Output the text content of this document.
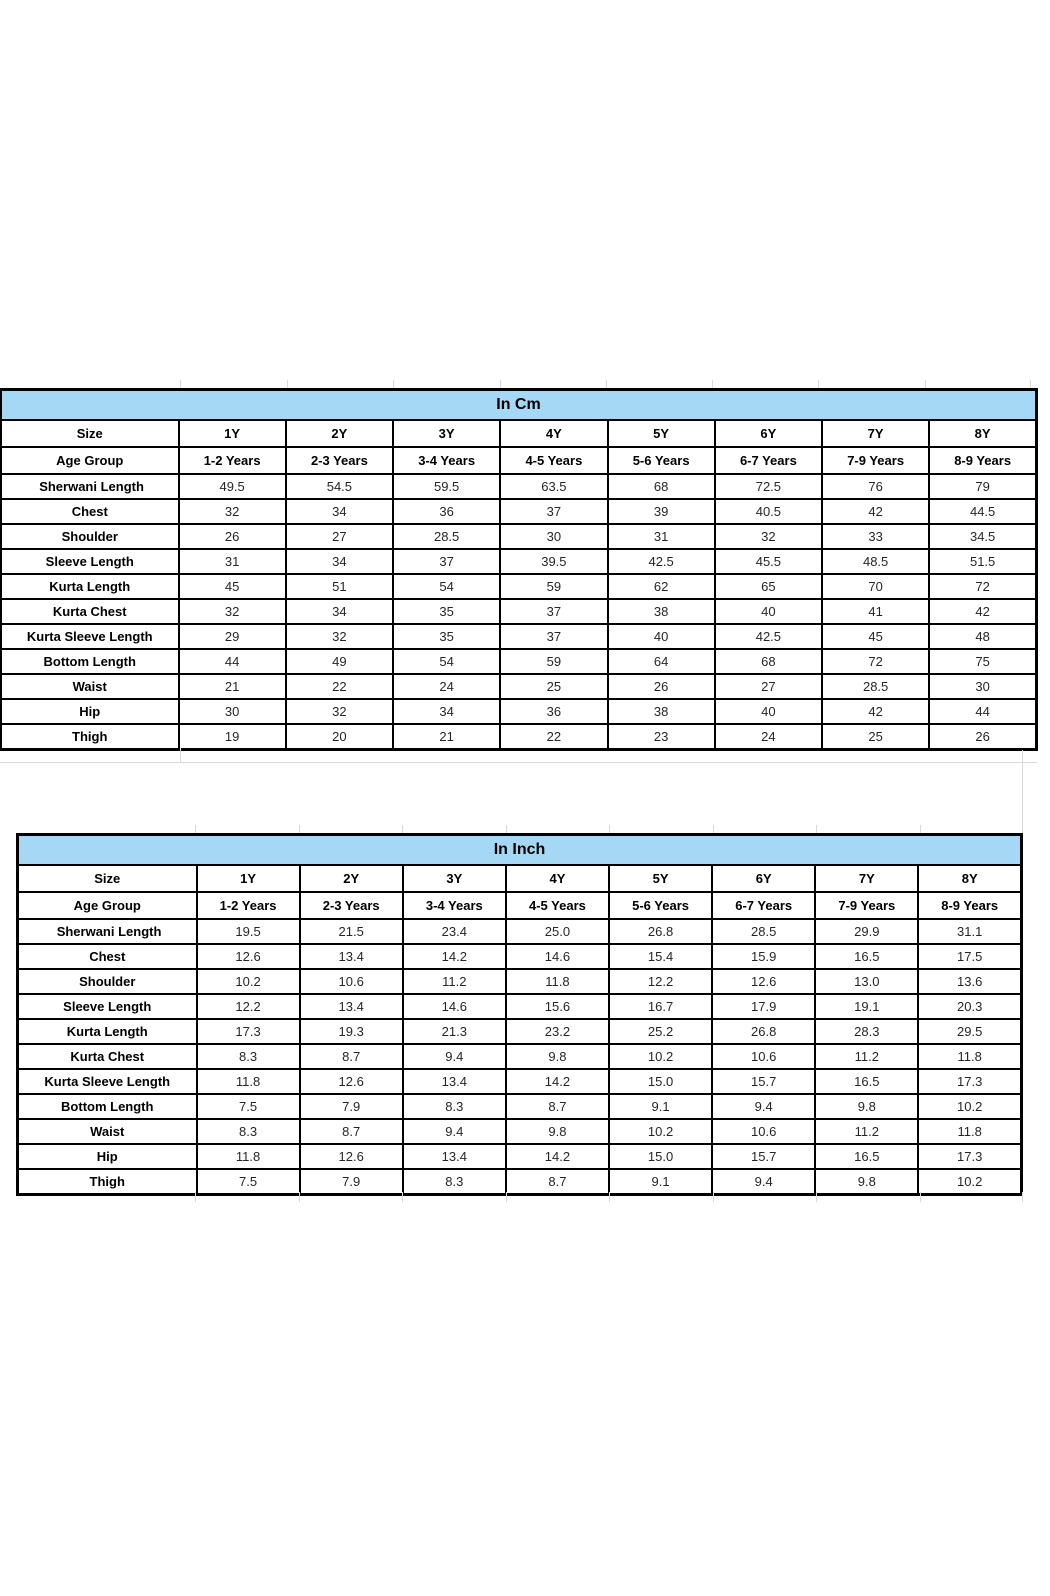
In Cm								
Size	1Y	2Y	3Y	4Y	5Y	6Y	7Y	8Y
Age Group	1-2 Years	2-3 Years	3-4 Years	4-5 Years	5-6 Years	6-7 Years	7-9 Years	8-9 Years
Sherwani Length	49.5	54.5	59.5	63.5	68	72.5	76	79
Chest	32	34	36	37	39	40.5	42	44.5
Shoulder	26	27	28.5	30	31	32	33	34.5
Sleeve Length	31	34	37	39.5	42.5	45.5	48.5	51.5
Kurta Length	45	51	54	59	62	65	70	72
Kurta Chest	32	34	35	37	38	40	41	42
Kurta Sleeve Length	29	32	35	37	40	42.5	45	48
Bottom Length	44	49	54	59	64	68	72	75
Waist	21	22	24	25	26	27	28.5	30
Hip	30	32	34	36	38	40	42	44
Thigh	19	20	21	22	23	24	25	26
In Inch								
Size	1Y	2Y	3Y	4Y	5Y	6Y	7Y	8Y
Age Group	1-2 Years	2-3 Years	3-4 Years	4-5 Years	5-6 Years	6-7 Years	7-9 Years	8-9 Years
Sherwani Length	19.5	21.5	23.4	25.0	26.8	28.5	29.9	31.1
Chest	12.6	13.4	14.2	14.6	15.4	15.9	16.5	17.5
Shoulder	10.2	10.6	11.2	11.8	12.2	12.6	13.0	13.6
Sleeve Length	12.2	13.4	14.6	15.6	16.7	17.9	19.1	20.3
Kurta Length	17.3	19.3	21.3	23.2	25.2	26.8	28.3	29.5
Kurta Chest	8.3	8.7	9.4	9.8	10.2	10.6	11.2	11.8
Kurta Sleeve Length	11.8	12.6	13.4	14.2	15.0	15.7	16.5	17.3
Bottom Length	7.5	7.9	8.3	8.7	9.1	9.4	9.8	10.2
Waist	8.3	8.7	9.4	9.8	10.2	10.6	11.2	11.8
Hip	11.8	12.6	13.4	14.2	15.0	15.7	16.5	17.3
Thigh	7.5	7.9	8.3	8.7	9.1	9.4	9.8	10.2
